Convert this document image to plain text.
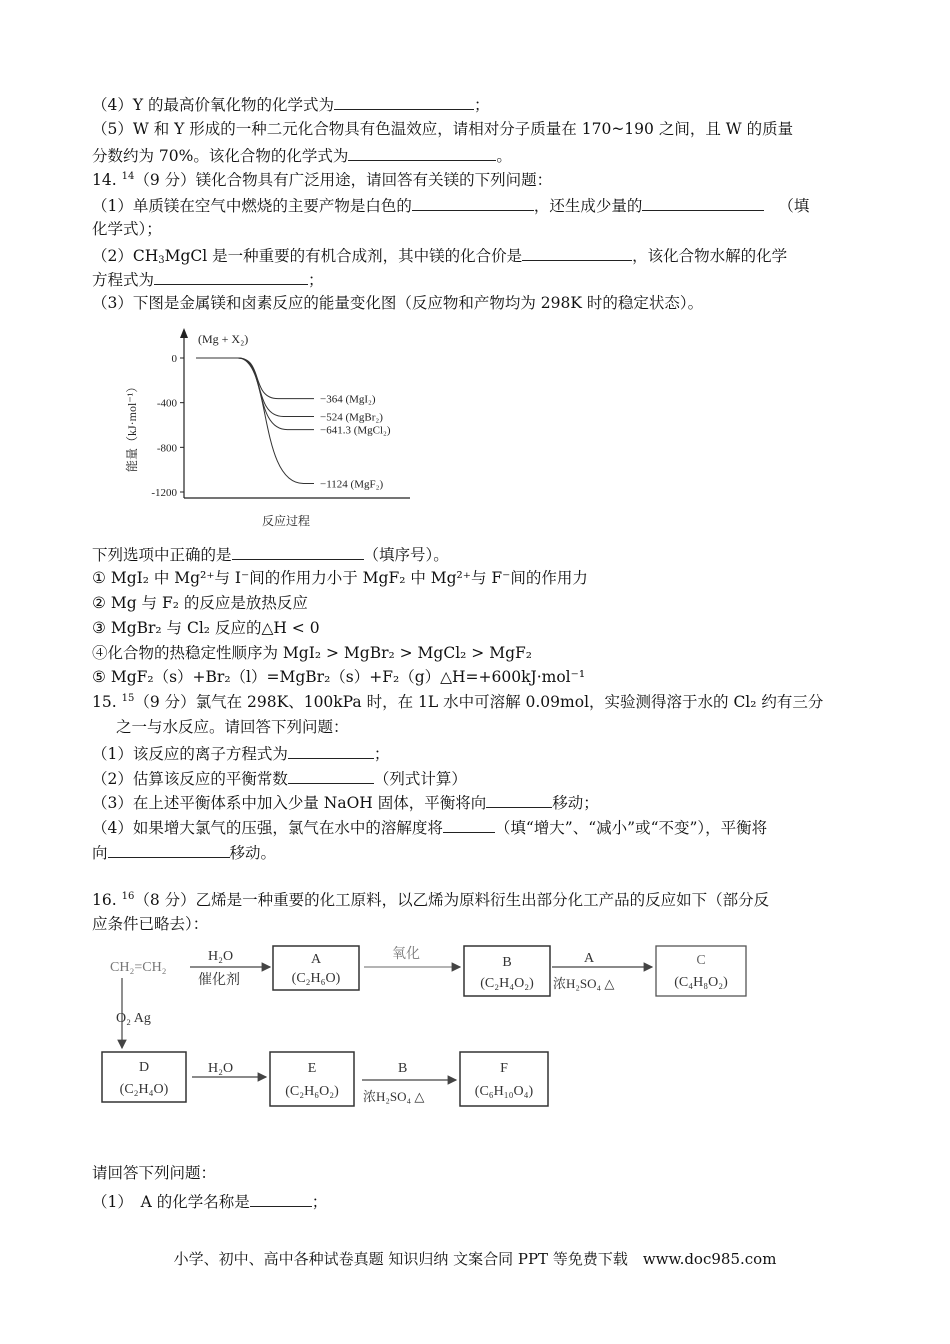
（4）Y 的最高价氧化物的化学式为	；
（5）W 和 Y 形成的一种二元化合物具有色温效应，请相对分子质量在 170~190 之间，且 W 的质量
分数约为 70%。该化合物的化学式为	。
14. $^{14}$（9 分）镁化合物具有广泛用途，请回答有关镁的下列问题：
（1）单质镁在空气中燃烧的主要产物是白色的	，还生成少量的	（填
化学式）；
$(2)CH_3MgCl$ 是一种重要的有机合成剂，其中镁的化合价是	，该化合物水解的化学
方程式为	；
（3）下图是金属镁和卤素反应的能量变化图（反应物和产物均为 298K 时的稳定状态）。
(Mg + X₂)
0
-400
-800
-1200
−364 (MgI₂)
−524 (MgBr₂)
−641.3 (MgCl₂)
−1124 (MgF₂)
能量（kJ·mol⁻¹）
反应过程
下列选项中正确的是	（填序号）。
① MgI₂ 中 Mg²⁺与 I⁻间的作用力小于 MgF₂ 中 Mg²⁺与 F⁻间的作用力
② Mg 与 F₂ 的反应是放热反应
③ MgBr₂ 与 Cl₂ 反应的△H < 0
④化合物的热稳定性顺序为 MgI₂ > MgBr₂ > MgCl₂ > MgF₂
⑤ MgF₂（s）+Br₂（l）=MgBr₂（s）+F₂（g）△H=+600kJ·mol⁻¹
15. $^{15}$（9 分）氯气在 298K、100kPa 时，在 1L 水中可溶解 0.09mol，实验测得溶于水的 Cl₂ 约有三分
之一与水反应。请回答下列问题：
（1）该反应的离子方程式为	；
（2）估算该反应的平衡常数	（列式计算）
（3）在上述平衡体系中加入少量 NaOH 固体，平衡将向	移动；
（4）如果增大氯气的压强，氯气在水中的溶解度将	（填“增大”、“减小”或“不变”），平衡将
向	移动。
16. $^{16}$（8 分）乙烯是一种重要的化工原料，以乙烯为原料衍生出部分化工产品的反应如下（部分反
应条件已略去）：
CH₂=CH₂
H₂O
催化剂
A
(C₂H₆O)
氧化
B
(C₂H₄O₂)
A
浓H₂SO₄ △
C
(C₄H₈O₂)
O₂ Ag
D
(C₂H₄O)
H₂O	E
(C₂H₆O₂)
B
浓H₂SO₄ △
F
(C₆H₁₀O₄)
请回答下列问题：
（1）　A 的化学名称是	；
小学、初中、高中各种试卷真题 知识归纳 文案合同 PPT 等免费下载　www.doc985.com
